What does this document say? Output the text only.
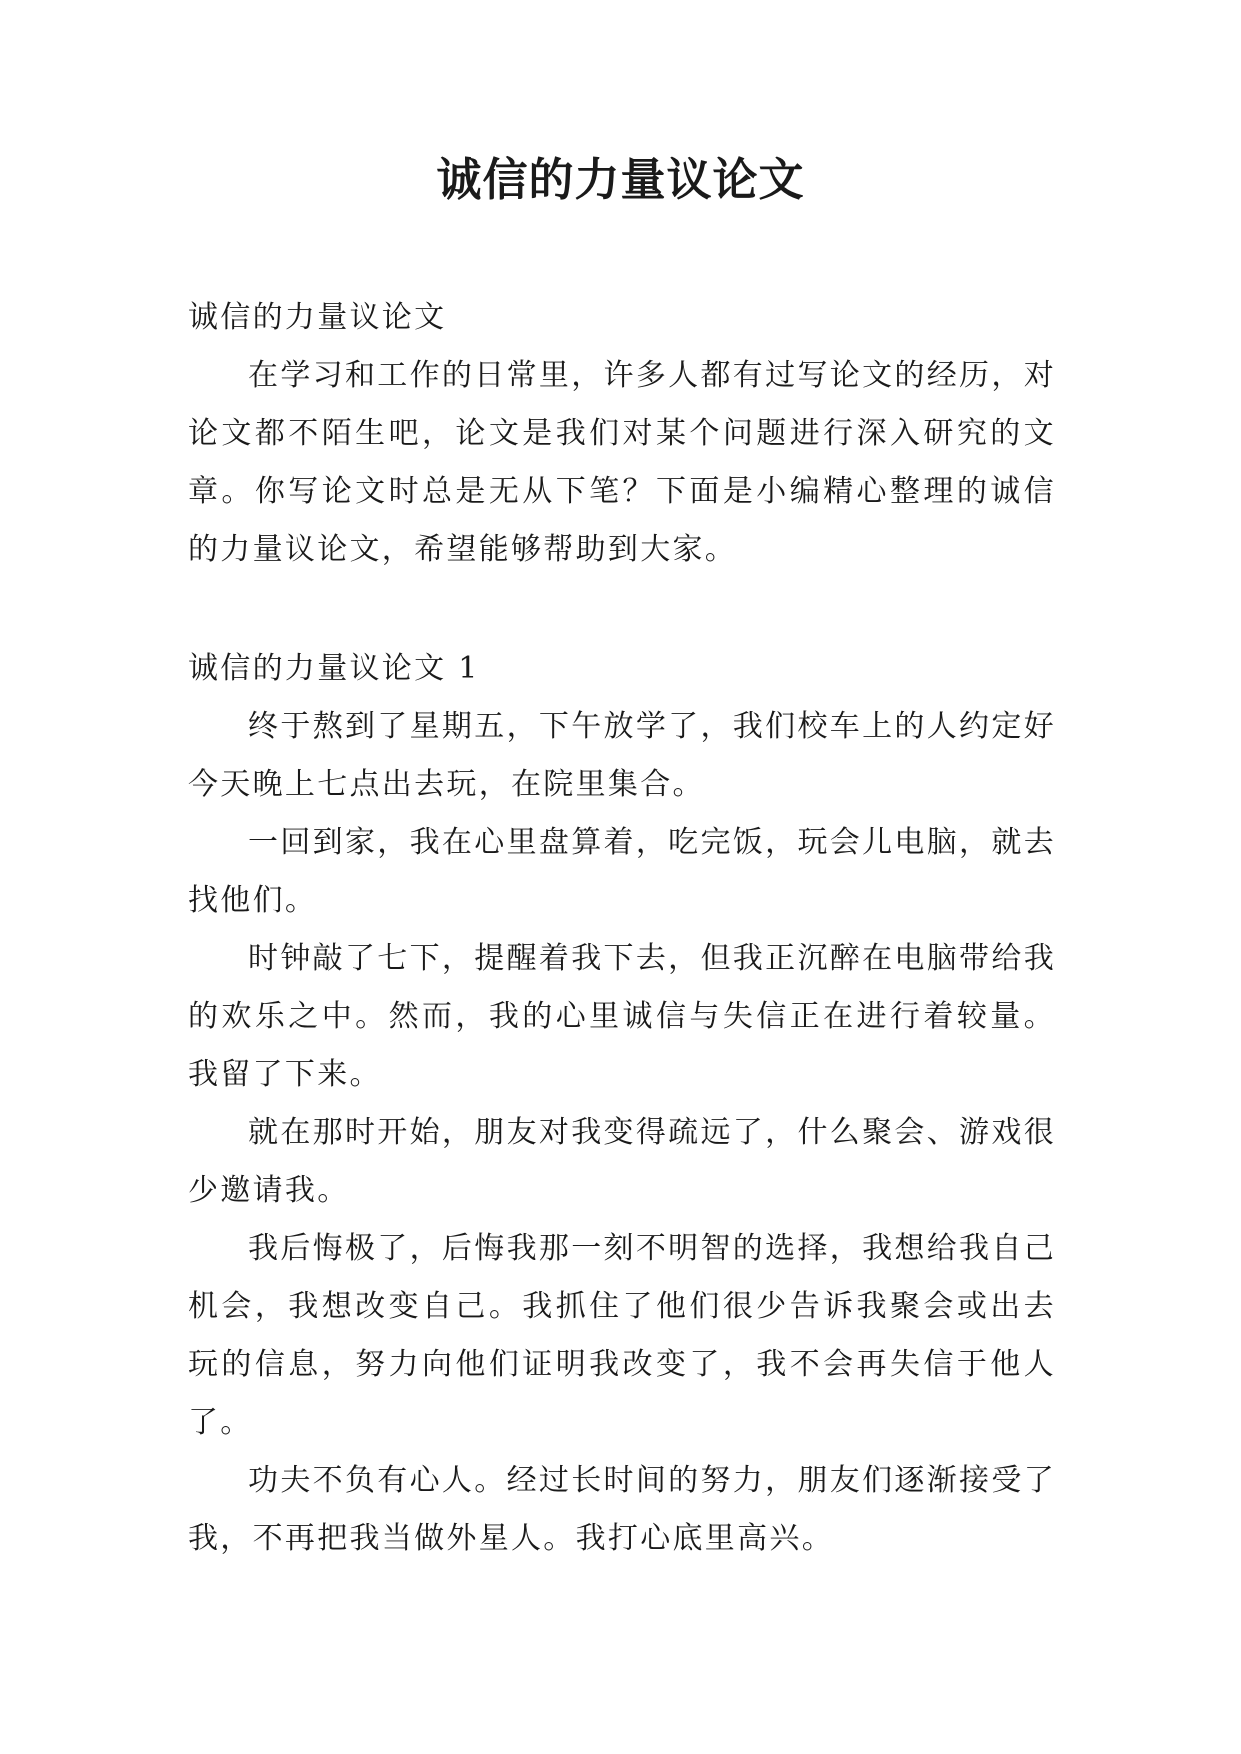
诚信的力量议论文

诚信的力量议论文

在学习和工作的日常里，许多人都有过写论文的经历，对论文都不陌生吧，论文是我们对某个问题进行深入研究的文章。你写论文时总是无从下笔？下面是小编精心整理的诚信的力量议论文，希望能够帮助到大家。

诚信的力量议论文 1

终于熬到了星期五，下午放学了，我们校车上的人约定好今天晚上七点出去玩，在院里集合。

一回到家，我在心里盘算着，吃完饭，玩会儿电脑，就去找他们。

时钟敲了七下，提醒着我下去，但我正沉醉在电脑带给我的欢乐之中。然而，我的心里诚信与失信正在进行着较量。我留了下来。

就在那时开始，朋友对我变得疏远了，什么聚会、游戏很少邀请我。

我后悔极了，后悔我那一刻不明智的选择，我想给我自己机会，我想改变自己。我抓住了他们很少告诉我聚会或出去玩的信息，努力向他们证明我改变了，我不会再失信于他人了。

功夫不负有心人。经过长时间的努力，朋友们逐渐接受了我，不再把我当做外星人。我打心底里高兴。
